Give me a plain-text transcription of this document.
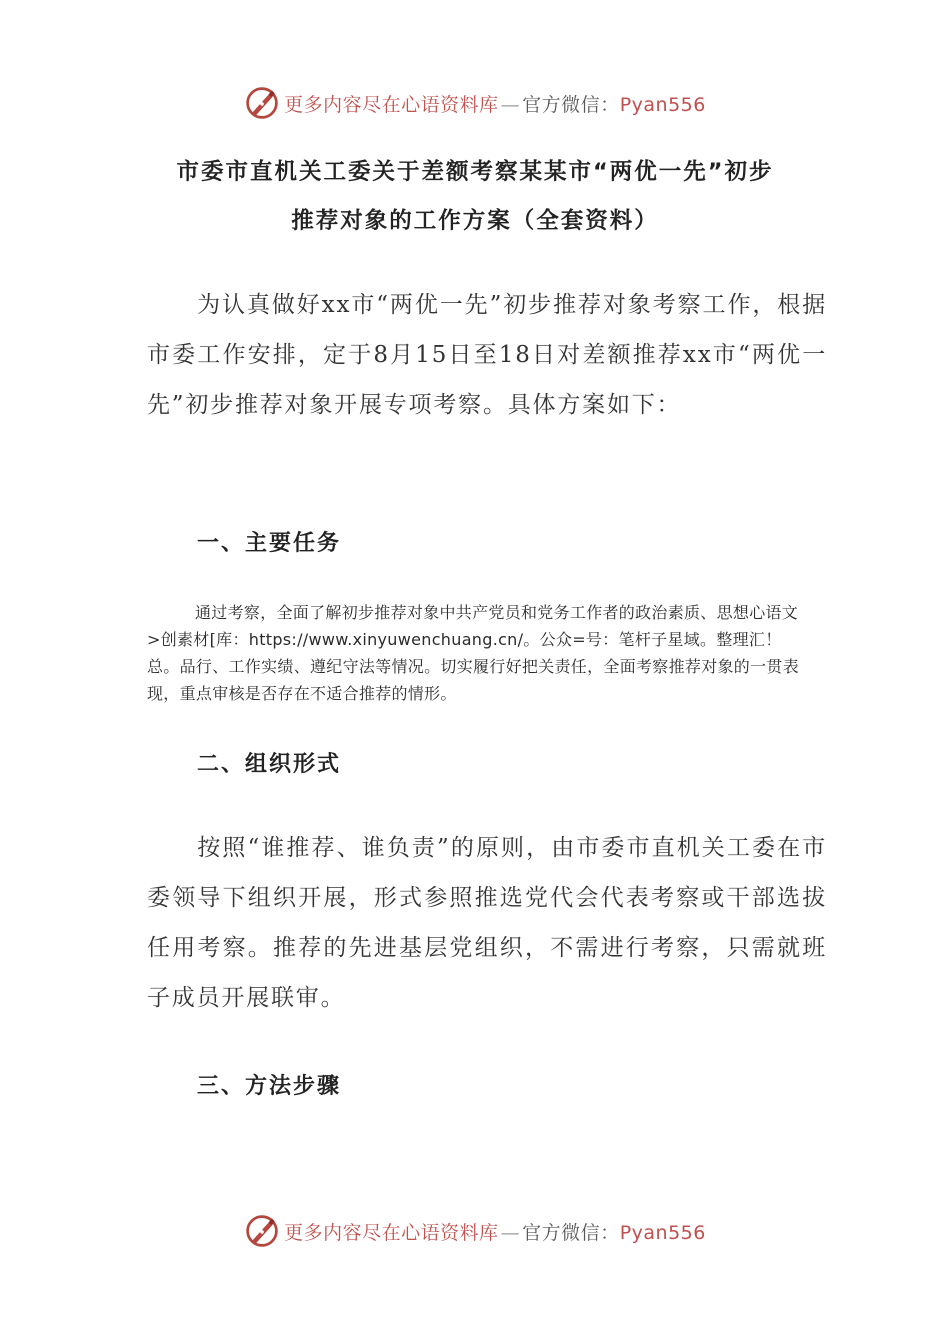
更多内容尽在心语资料库 — 官方微信：Pyan556
市委市直机关工委关于差额考察某某市“两优一先”初步
推荐对象的工作方案（全套资料）

为认真做好xx市“两优一先”初步推荐对象考察工作，根据市委工作安排，定于8月15日至18日对差额推荐xx市“两优一先”初步推荐对象开展专项考察。具体方案如下：

一、主要任务

通过考察，全面了解初步推荐对象中共产党员和党务工作者的政治素质、思想心语文>创素材[库：https://www.xinyuwenchuang.cn/。公众=号：笔杆子星域。整理汇！总。品行、工作实绩、遵纪守法等情况。切实履行好把关责任，全面考察推荐对象的一贯表现，重点审核是否存在不适合推荐的情形。

二、组织形式

按照“谁推荐、谁负责”的原则，由市委市直机关工委在市委领导下组织开展，形式参照推选党代会代表考察或干部选拔任用考察。推荐的先进基层党组织，不需进行考察，只需就班子成员开展联审。

三、方法步骤
更多内容尽在心语资料库 — 官方微信：Pyan556
